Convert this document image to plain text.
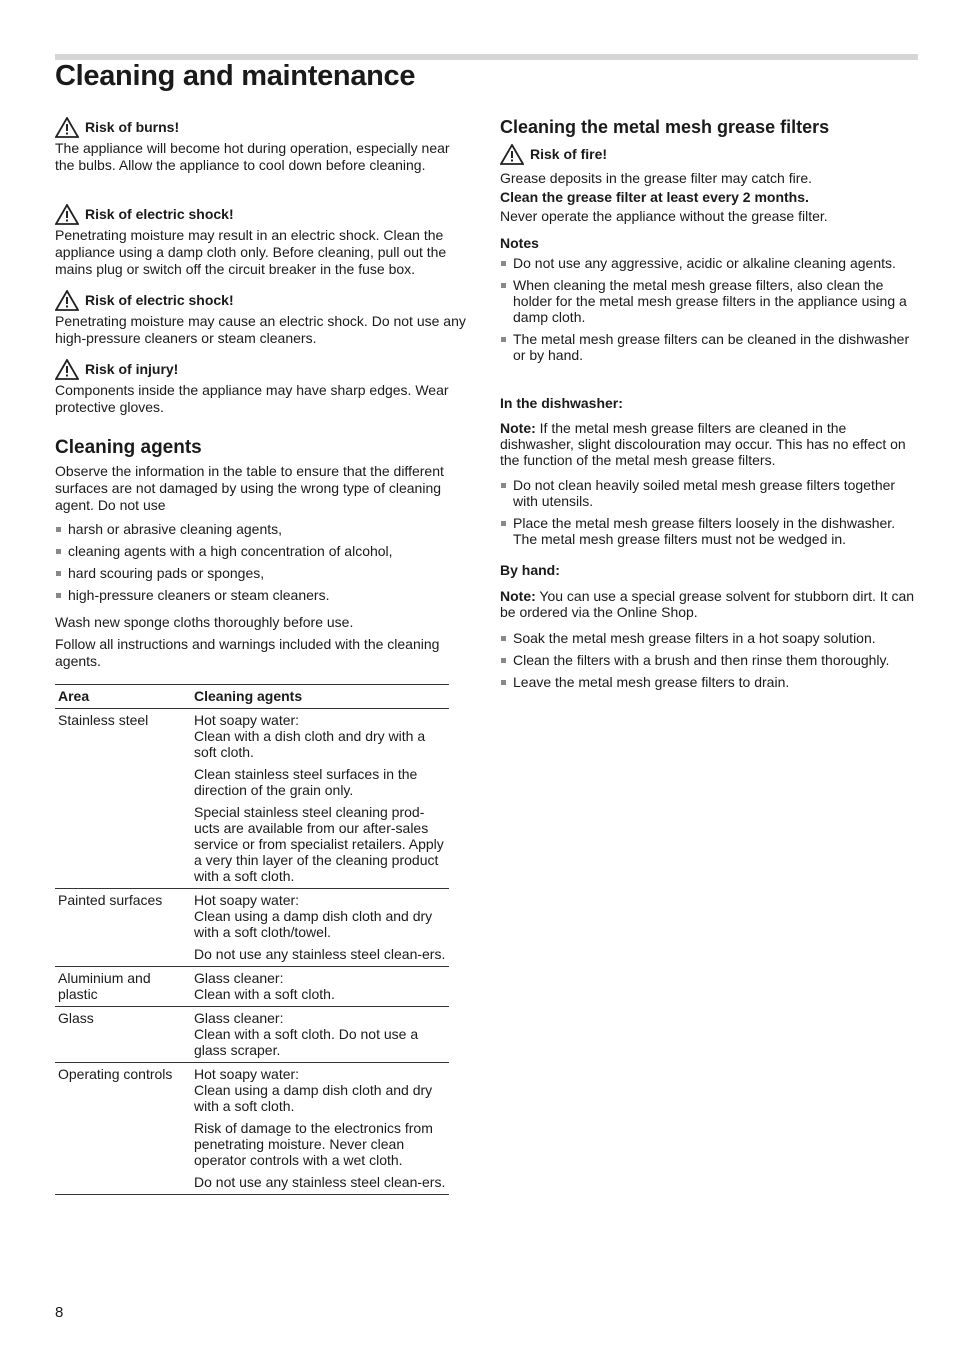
Cleaning and maintenance

Risk of burns!

The appliance will become hot during operation, especially near the bulbs. Allow the appliance to cool down before cleaning.

Risk of electric shock!

Penetrating moisture may result in an electric shock. Clean the appliance using a damp cloth only. Before cleaning, pull out the mains plug or switch off the circuit breaker in the fuse box.

Risk of electric shock!

Penetrating moisture may cause an electric shock. Do not use any high-pressure cleaners or steam cleaners.

Risk of injury!

Components inside the appliance may have sharp edges. Wear protective gloves.

Cleaning agents

Observe the information in the table to ensure that the different surfaces are not damaged by using the wrong type of cleaning agent. Do not use

harsh or abrasive cleaning agents,
cleaning agents with a high concentration of alcohol,
hard scouring pads or sponges,
high-pressure cleaners or steam cleaners.

Wash new sponge cloths thoroughly before use.

Follow all instructions and warnings included with the cleaning agents.

Area	Cleaning agents
Stainless steel	Hot soapy water:
Clean with a dish cloth and dry with a soft cloth.
Clean stainless steel surfaces in the direction of the grain only.
Special stainless steel cleaning prod-ucts are available from our after-sales service or from specialist retailers. Apply a very thin layer of the cleaning product with a soft cloth.

Painted surfaces	Hot soapy water:
Clean using a damp dish cloth and dry with a soft cloth/towel.
Do not use any stainless steel clean-ers.

Aluminium and plastic	Glass cleaner:
Clean with a soft cloth.

Glass	Glass cleaner:
Clean with a soft cloth. Do not use a glass scraper.

Operating controls	Hot soapy water:
Clean using a damp dish cloth and dry with a soft cloth.
Risk of damage to the electronics from penetrating moisture. Never clean operator controls with a wet cloth.
Do not use any stainless steel clean-ers.
Cleaning the metal mesh grease filters

Risk of fire!

Grease deposits in the grease filter may catch fire.

Clean the grease filter at least every 2 months.

Never operate the appliance without the grease filter.

Notes

Do not use any aggressive, acidic or alkaline cleaning agents.
When cleaning the metal mesh grease filters, also clean the holder for the metal mesh grease filters in the appliance using a damp cloth.
The metal mesh grease filters can be cleaned in the dishwasher or by hand.

In the dishwasher:

Note: If the metal mesh grease filters are cleaned in the dishwasher, slight discolouration may occur. This has no effect on the function of the metal mesh grease filters.

Do not clean heavily soiled metal mesh grease filters together with utensils.
Place the metal mesh grease filters loosely in the dishwasher. The metal mesh grease filters must not be wedged in.

By hand:

Note: You can use a special grease solvent for stubborn dirt. It can be ordered via the Online Shop.

Soak the metal mesh grease filters in a hot soapy solution.
Clean the filters with a brush and then rinse them thoroughly.
Leave the metal mesh grease filters to drain.
8
